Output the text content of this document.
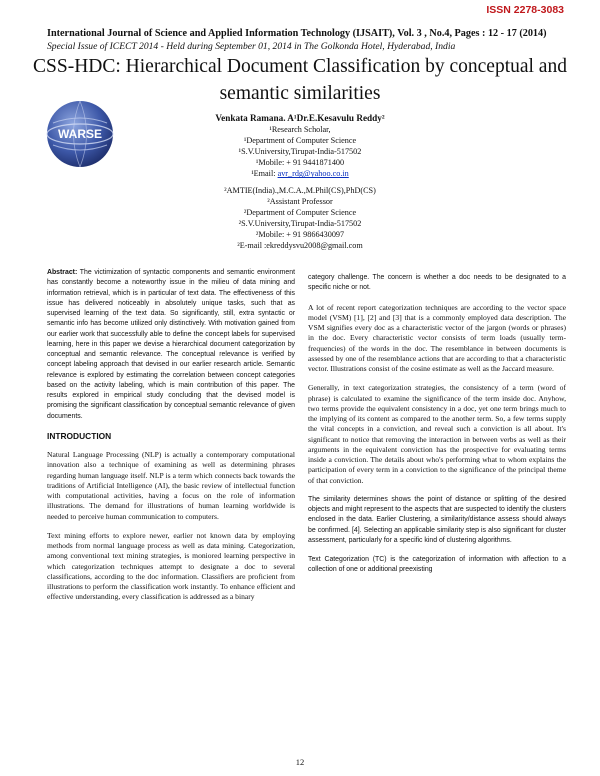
ISSN 2278-3083
International Journal of Science and Applied Information Technology (IJSAIT), Vol. 3 , No.4, Pages : 12 - 17 (2014)
Special Issue of ICECT 2014 - Held during September 01, 2014 in The Golkonda Hotel, Hyderabad, India
CSS-HDC: Hierarchical Document Classification by conceptual and semantic similarities
WARSE
Venkata Ramana. A¹Dr.E.Kesavulu Reddy²
¹Research Scholar,
¹Department of Computer Science
¹S.V.University,Tirupat-India-517502
¹Mobile: + 91 9441871400
¹Email: avr_rdg@yahoo.co.in
²AMTIE(India).,M.C.A.,M.Phil(CS),PhD(CS)
²Assistant Professor
²Department of Computer Science
²S.V.University,Tirupat-India-517502
²Mobile: + 91 9866430097
²E-mail :ekreddysvu2008@gmail.com

Abstract: The victimization of syntactic components and semantic environment has constantly become a noteworthy issue in the milieu of data mining and information retrieval, which is in particular of text data. The effectiveness of this issue has delivered noticeably in absolutely unique tasks, such that as supervised learning of the text data. So significantly, still, extra syntactic or semantic info has become utilized only distinctively. With motivation gained from our earlier work that successfully able to define the concept labels for supervised learning, here in this paper we devise a hierarchical document categorization by conceptual and semantic relevance. The conceptual relevance is verified by concept labeling approach that devised in our earlier research article. Semantic relevance is explored by estimating the correlation between concept categories based on the activity labeling, which is main contribution of this paper. The results explored in empirical study concluding that the devised model is promising the significant classification by conceptual semantic relevance of given documents.

INTRODUCTION

Natural Language Processing (NLP) is actually a contemporary computational innovation also a technique of examining as well as determining phrases regarding human language itself. NLP is a term which connects back towards the traditions of Artificial Intelligence (AI), the basic review of intellectual function with computational activities, having a focus on the role of information illustrations. The demand for illustrations of human learning worldwide is needed to perceive human communication to computers.

Text mining efforts to explore newer, earlier not known data by employing methods from normal language process as well as data mining. Categorization, among conventional text mining strategies, is moniored learning perspective in which categorization techniques attempt to designate a doc to several classifications, according to the doc information. Classifiers are proficient from illustrations to perform the classification work instantly. To enhance efficient and effective understanding, every classification is addressed as a binary

category challenge. The concern is whether a doc needs to be designated to a specific niche or not.

A lot of recent report categorization techniques are according to the vector space model (VSM) [1], [2] and [3] that is a commonly employed data description. The VSM signifies every doc as a characteristic vector of the jargon (words or phrases) in the doc. Every characteristic vector consists of term loads (usually term-frequencies) of the words in the doc. The resemblance in between documents is assessed by one of the resemblance actions that are according to that a characteristic vector. Illustrations consist of the cosine estimate as well as the Jaccard measure.

Generally, in text categorization strategies, the consistency of a term (word of phrase) is calculated to examine the significance of the term inside doc. Anyhow, two terms provide the equivalent consistency in a doc, yet one term brings much to the implying of its content as compared to the another term. So, a few terms supply the vital concepts in a conviction, and reveal such a conviction is all about. It's significant to notice that removing the interaction in between verbs as well as their arguments in the equivalent conviction has the prospective for evaluating terms inside a conviction. The details about who's performing what to whom explains the participation of every term in a conviction to the significance of the principal theme of that conviction.

The similarity determines shows the point of distance or splitting of the desired objects and might represent to the aspects that are suspected to identify the clusters enclosed in the data. Earlier Clustering, a similarity/distance assess should always be confirmed. [4]. Selecting an applicable similarity step is also significant for cluster assessment, particularly for a specific kind of clustering algorithms.

Text Categorization (TC) is the categorization of information with affection to a collection of one or additional preexisting

12
